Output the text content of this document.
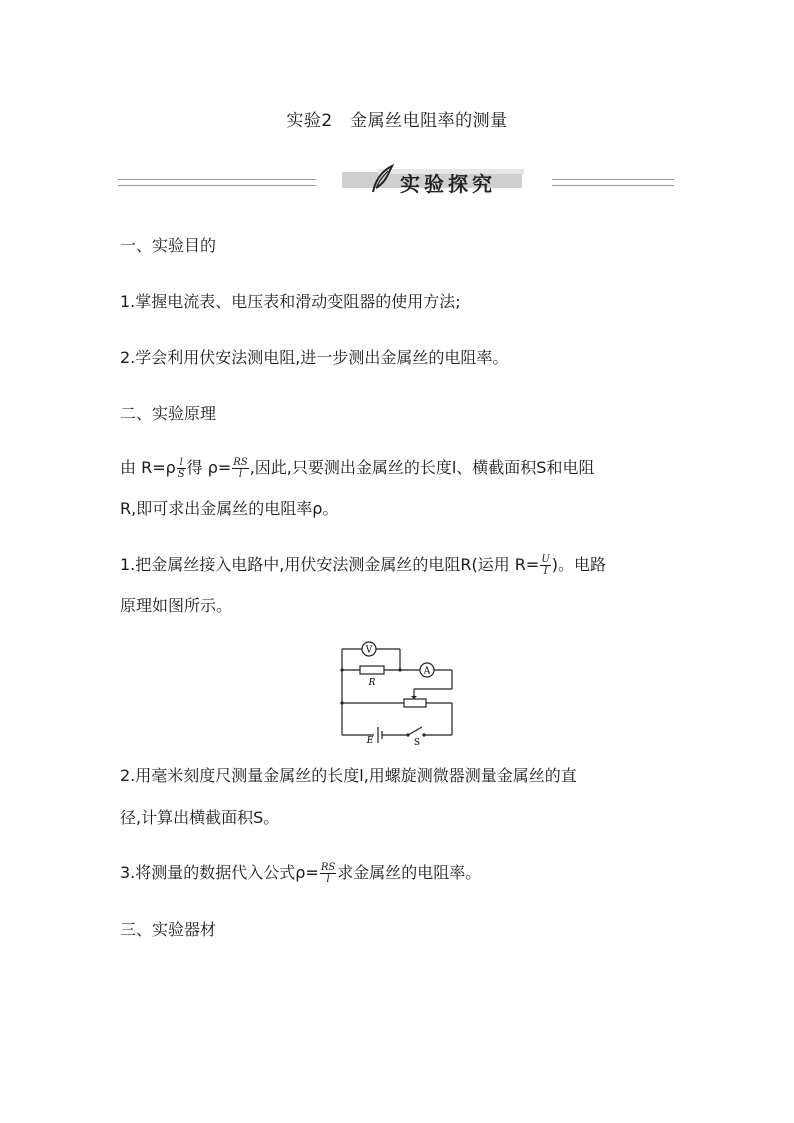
实验2　金属丝电阻率的测量
实验探究
一、实验目的
1.掌握电流表、电压表和滑动变阻器的使用方法;
2.学会利用伏安法测电阻,进一步测出金属丝的电阻率。
二、实验原理
由 $R=\rho \frac{l}{S}$ 得 $\rho= \frac{RS}{l}$ ,因此,只要测出金属丝的长度l、横截面积S和电阻
R,即可求出金属丝的电阻率ρ。
1.把金属丝接入电路中,用伏安法测金属丝的电阻R(运用 $R= \frac{U}{I}$ )。电路
原理如图所示。
V
A
R
E	S
2.用毫米刻度尺测量金属丝的长度l,用螺旋测微器测量金属丝的直
径,计算出横截面积S。
3.将测量的数据代入公式$\rho= \frac{RS}{l}$ 求金属丝的电阻率。
三、实验器材
